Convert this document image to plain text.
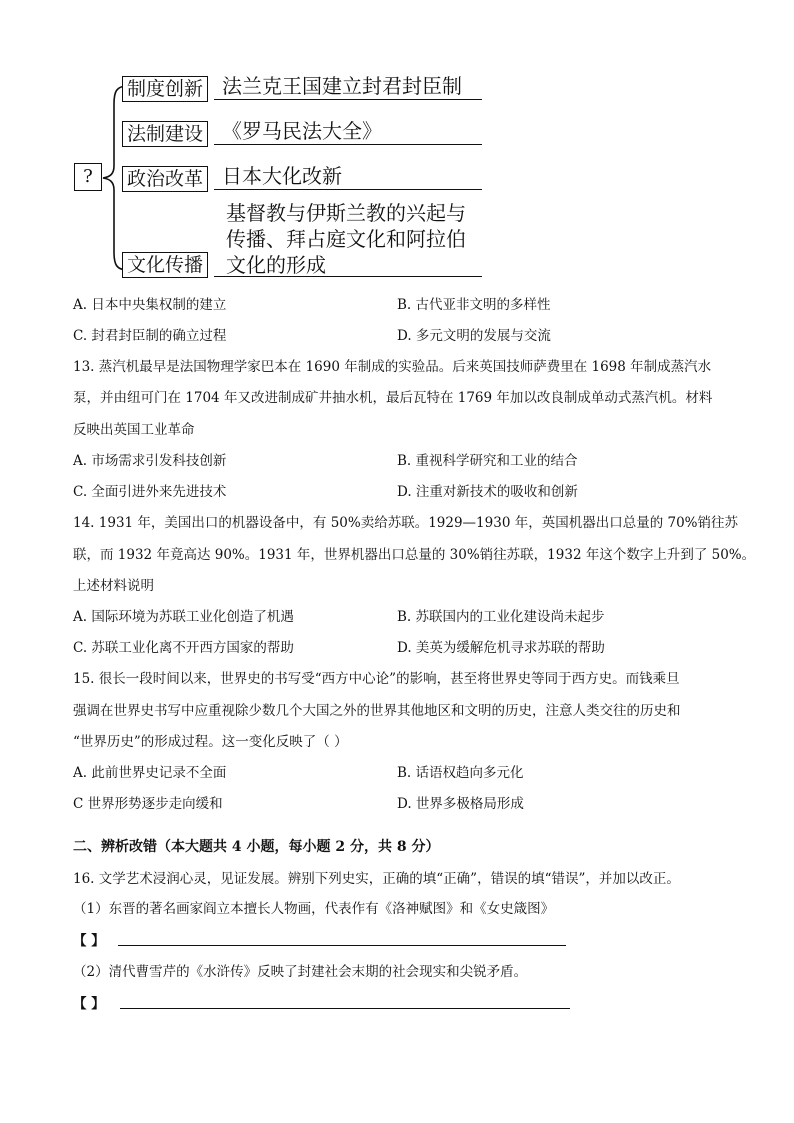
?
制度创新 法兰克王国建立封君封臣制
法制建设 《罗马民法大全》
政治改革 日本大化改新
文化传播
基督教与伊斯兰教的兴起与
传播、拜占庭文化和阿拉伯
文化的形成
A. 日本中央集权制的建立	B. 古代亚非文明的多样性
C. 封君封臣制的确立过程	D. 多元文明的发展与交流
13. 蒸汽机最早是法国物理学家巴本在 1690 年制成的实验品。后来英国技师萨费里在 1698 年制成蒸汽水
泵，并由纽可门在 1704 年又改进制成矿井抽水机，最后瓦特在 1769 年加以改良制成单动式蒸汽机。材料
反映出英国工业革命
A. 市场需求引发科技创新	B. 重视科学研究和工业的结合
C. 全面引进外来先进技术	D. 注重对新技术的吸收和创新
14. 1931 年，美国出口的机器设备中，有 50%卖给苏联。1929—1930 年，英国机器出口总量的 70%销往苏
联，而 1932 年竟高达 90%。1931 年，世界机器出口总量的 30%销往苏联，1932 年这个数字上升到了 50%。
上述材料说明
A. 国际环境为苏联工业化创造了机遇	B. 苏联国内的工业化建设尚未起步
C. 苏联工业化离不开西方国家的帮助	D. 美英为缓解危机寻求苏联的帮助
15. 很长一段时间以来，世界史的书写受“西方中心论”的影响，甚至将世界史等同于西方史。而钱乘旦
强调在世界史书写中应重视除少数几个大国之外的世界其他地区和文明的历史，注意人类交往的历史和
“世界历史”的形成过程。这一变化反映了（ ）
A. 此前世界史记录不全面	B. 话语权趋向多元化
C 世界形势逐步走向缓和	D. 世界多极格局形成
二、辨析改错（本大题共 4 小题，每小题 2 分，共 8 分）
16. 文学艺术浸润心灵，见证发展。辨别下列史实，正确的填“正确”，错误的填“错误”，并加以改正。
（1）东晋的著名画家阎立本擅长人物画，代表作有《洛神赋图》和《女史箴图》
【 】
（2）清代曹雪芹的《水浒传》反映了封建社会末期的社会现实和尖锐矛盾。
【 】
